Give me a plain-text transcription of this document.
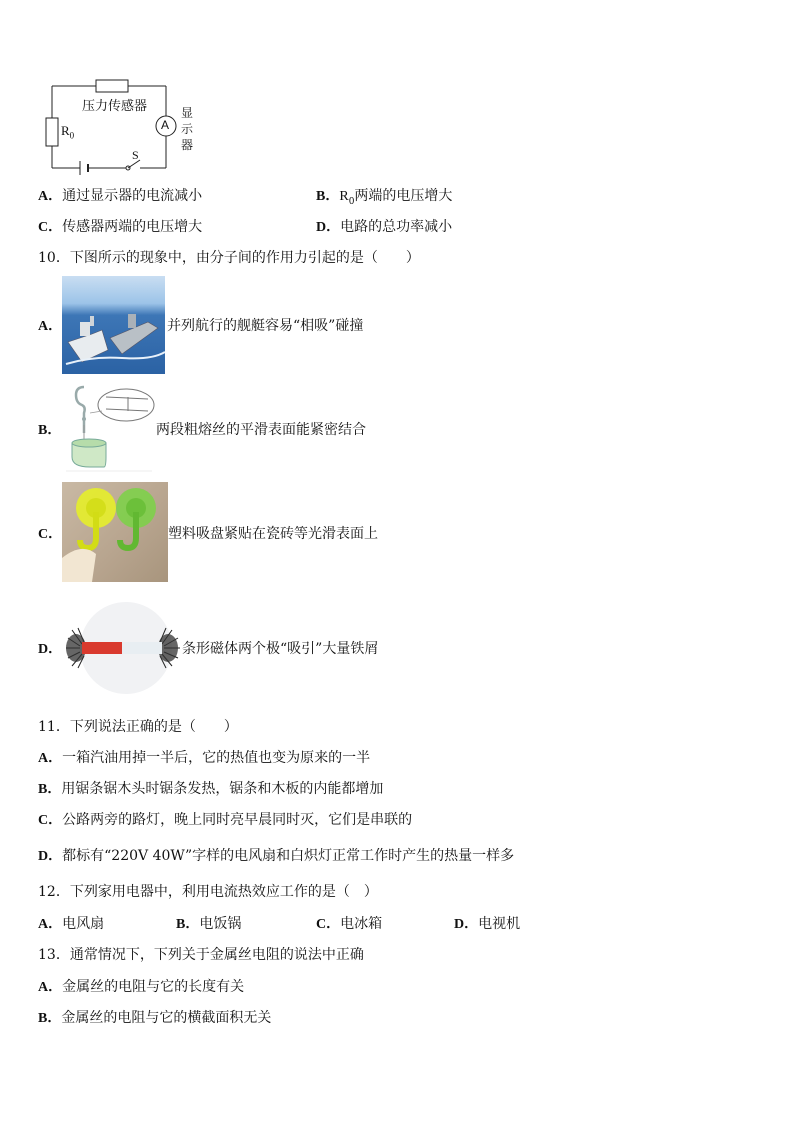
压力传感器
$R_0$
A
显
示
器
S
A．通过显示器的电流减小	B．$R_0$两端的电压增大
C．传感器两端的电压增大	D．电路的总功率减小
10．下图所示的现象中，由分子间的作用力引起的是（　　）
A．	并列航行的舰艇容易“相吸”碰撞
B．	两段粗熔丝的平滑表面能紧密结合
C．	塑料吸盘紧贴在瓷砖等光滑表面上
D．	条形磁体两个极“吸引”大量铁屑
11．下列说法正确的是（　　）
A．一箱汽油用掉一半后，它的热值也变为原来的一半
B．用锯条锯木头时锯条发热，锯条和木板的内能都增加
C．公路两旁的路灯，晚上同时亮早晨同时灭，它们是串联的
D．都标有“220V 40W”字样的电风扇和白炽灯正常工作时产生的热量一样多
12．下列家用电器中，利用电流热效应工作的是（　）
A．电风扇	B．电饭锅	C．电冰箱	D．电视机
13．通常情况下，下列关于金属丝电阻的说法中正确
A．金属丝的电阻与它的长度有关
B．金属丝的电阻与它的横截面积无关
